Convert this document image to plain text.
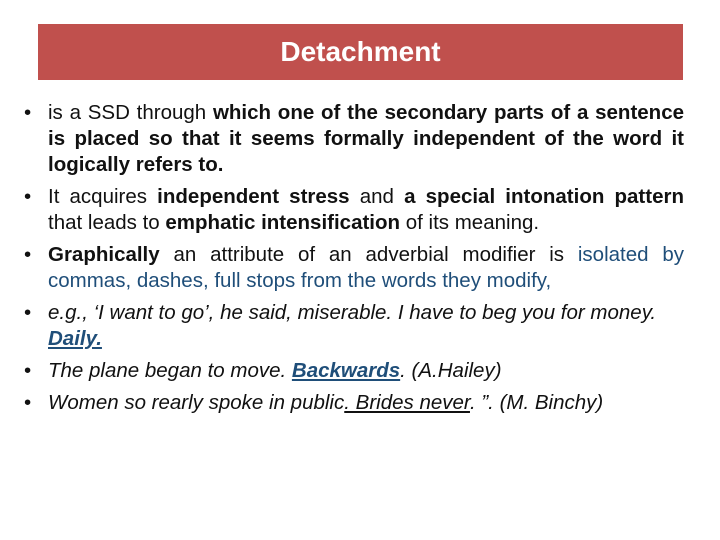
Detachment
• is a SSD through which one of the secondary parts of a sentence is placed so that it seems formally independent of the word it logically refers to.
• It acquires independent stress and a special intonation pattern that leads to emphatic intensification of its meaning.
• Graphically an attribute of an adverbial modifier is isolated by commas, dashes, full stops from the words they modify,
• e.g., ‘I want to go’, he said, miserable. I have to beg you for money. Daily.
• The plane began to move. Backwards. (A.Hailey)
• Women so rearly spoke in public. Brides never. ”. (M. Binchy)
